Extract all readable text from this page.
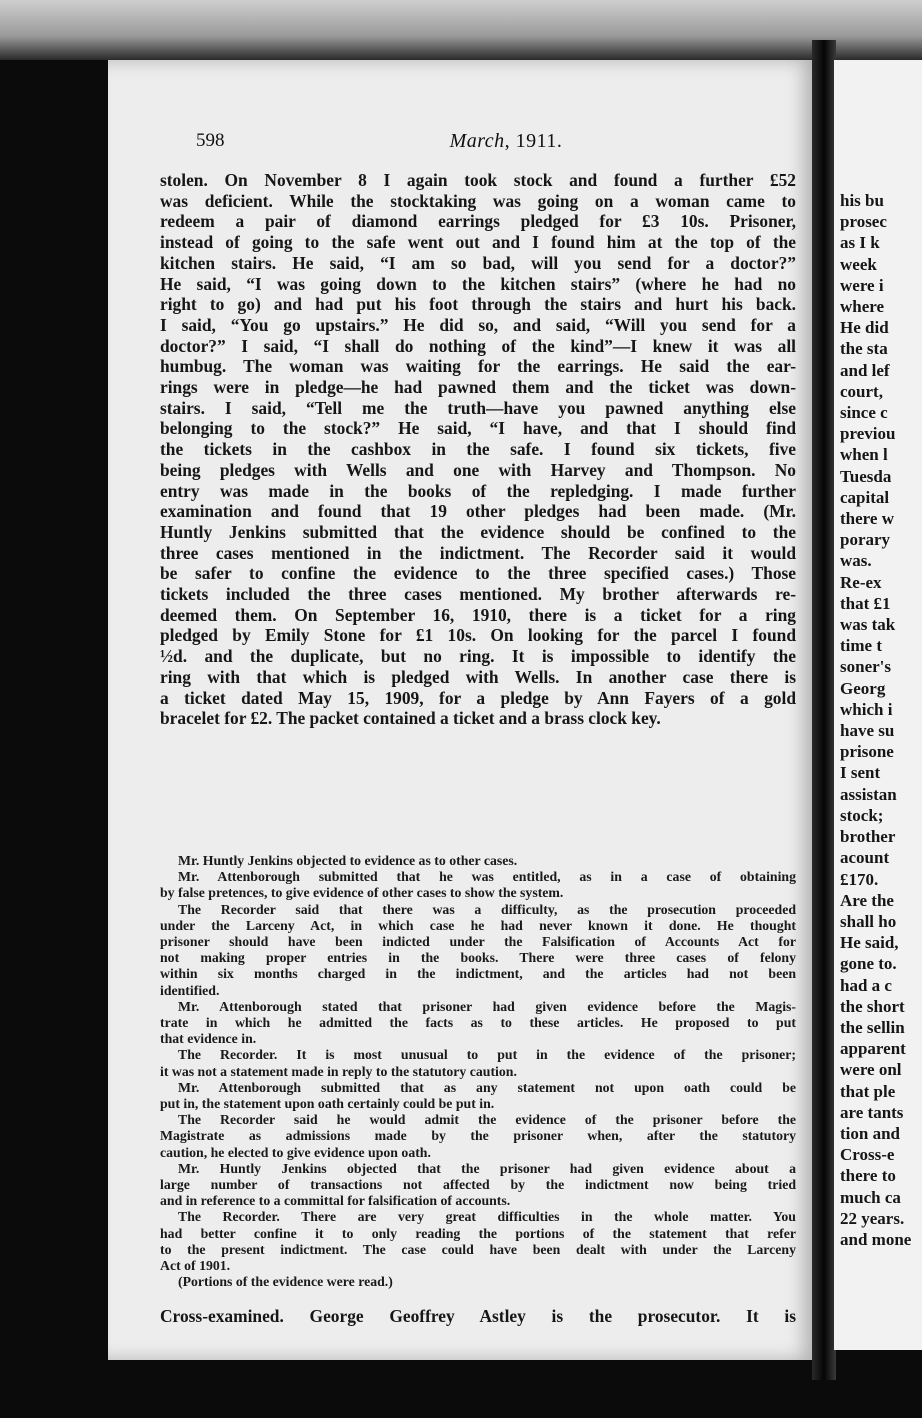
598	March, 1911.
stolen. On November 8 I again took stock and found a further £52
was deficient. While the stocktaking was going on a woman came to
redeem a pair of diamond earrings pledged for £3 10s. Prisoner,
instead of going to the safe went out and I found him at the top of the
kitchen stairs. He said, “I am so bad, will you send for a doctor?”
He said, “I was going down to the kitchen stairs” (where he had no
right to go) and had put his foot through the stairs and hurt his back.
I said, “You go upstairs.” He did so, and said, “Will you send for a
doctor?” I said, “I shall do nothing of the kind”—I knew it was all
humbug. The woman was waiting for the earrings. He said the ear-
rings were in pledge—he had pawned them and the ticket was down-
stairs. I said, “Tell me the truth—have you pawned anything else
belonging to the stock?” He said, “I have, and that I should find
the tickets in the cashbox in the safe. I found six tickets, five
being pledges with Wells and one with Harvey and Thompson. No
entry was made in the books of the repledging. I made further
examination and found that 19 other pledges had been made. (Mr.
Huntly Jenkins submitted that the evidence should be confined to the
three cases mentioned in the indictment. The Recorder said it would
be safer to confine the evidence to the three specified cases.) Those
tickets included the three cases mentioned. My brother afterwards re-
deemed them. On September 16, 1910, there is a ticket for a ring
pledged by Emily Stone for £1 10s. On looking for the parcel I found
½d. and the duplicate, but no ring. It is impossible to identify the
ring with that which is pledged with Wells. In another case there is
a ticket dated May 15, 1909, for a pledge by Ann Fayers of a gold
bracelet for £2. The packet contained a ticket and a brass clock key.
Mr. Huntly Jenkins objected to evidence as to other cases.
Mr. Attenborough submitted that he was entitled, as in a case of obtaining
by false pretences, to give evidence of other cases to show the system.
The Recorder said that there was a difficulty, as the prosecution proceeded
under the Larceny Act, in which case he had never known it done. He thought
prisoner should have been indicted under the Falsification of Accounts Act for
not making proper entries in the books. There were three cases of felony
within six months charged in the indictment, and the articles had not been
identified.
Mr. Attenborough stated that prisoner had given evidence before the Magis-
trate in which he admitted the facts as to these articles. He proposed to put
that evidence in.
The Recorder. It is most unusual to put in the evidence of the prisoner;
it was not a statement made in reply to the statutory caution.
Mr. Attenborough submitted that as any statement not upon oath could be
put in, the statement upon oath certainly could be put in.
The Recorder said he would admit the evidence of the prisoner before the
Magistrate as admissions made by the prisoner when, after the statutory
caution, he elected to give evidence upon oath.
Mr. Huntly Jenkins objected that the prisoner had given evidence about a
large number of transactions not affected by the indictment now being tried
and in reference to a committal for falsification of accounts.
The Recorder. There are very great difficulties in the whole matter. You
had better confine it to only reading the portions of the statement that refer
to the present indictment. The case could have been dealt with under the Larceny
Act of 1901.
(Portions of the evidence were read.)
Cross-examined. George Geoffrey Astley is the prosecutor. It is
his bu
prosec
as I k
week
were i
where
He did
the sta
and lef
court,
since c
previou
when l
Tuesda
capital
there w
porary
was.
Re-ex
that £1
was tak
time t
soner's
Georg
which i
have su
prisone
I sent
assistan
stock;
brother
acount
£170.
Are the
shall ho
He said,
gone to.
had a c
the short
the sellin
apparent
were onl
that ple
are tants
tion and
Cross-e
there to
much ca
22 years.
and mone
